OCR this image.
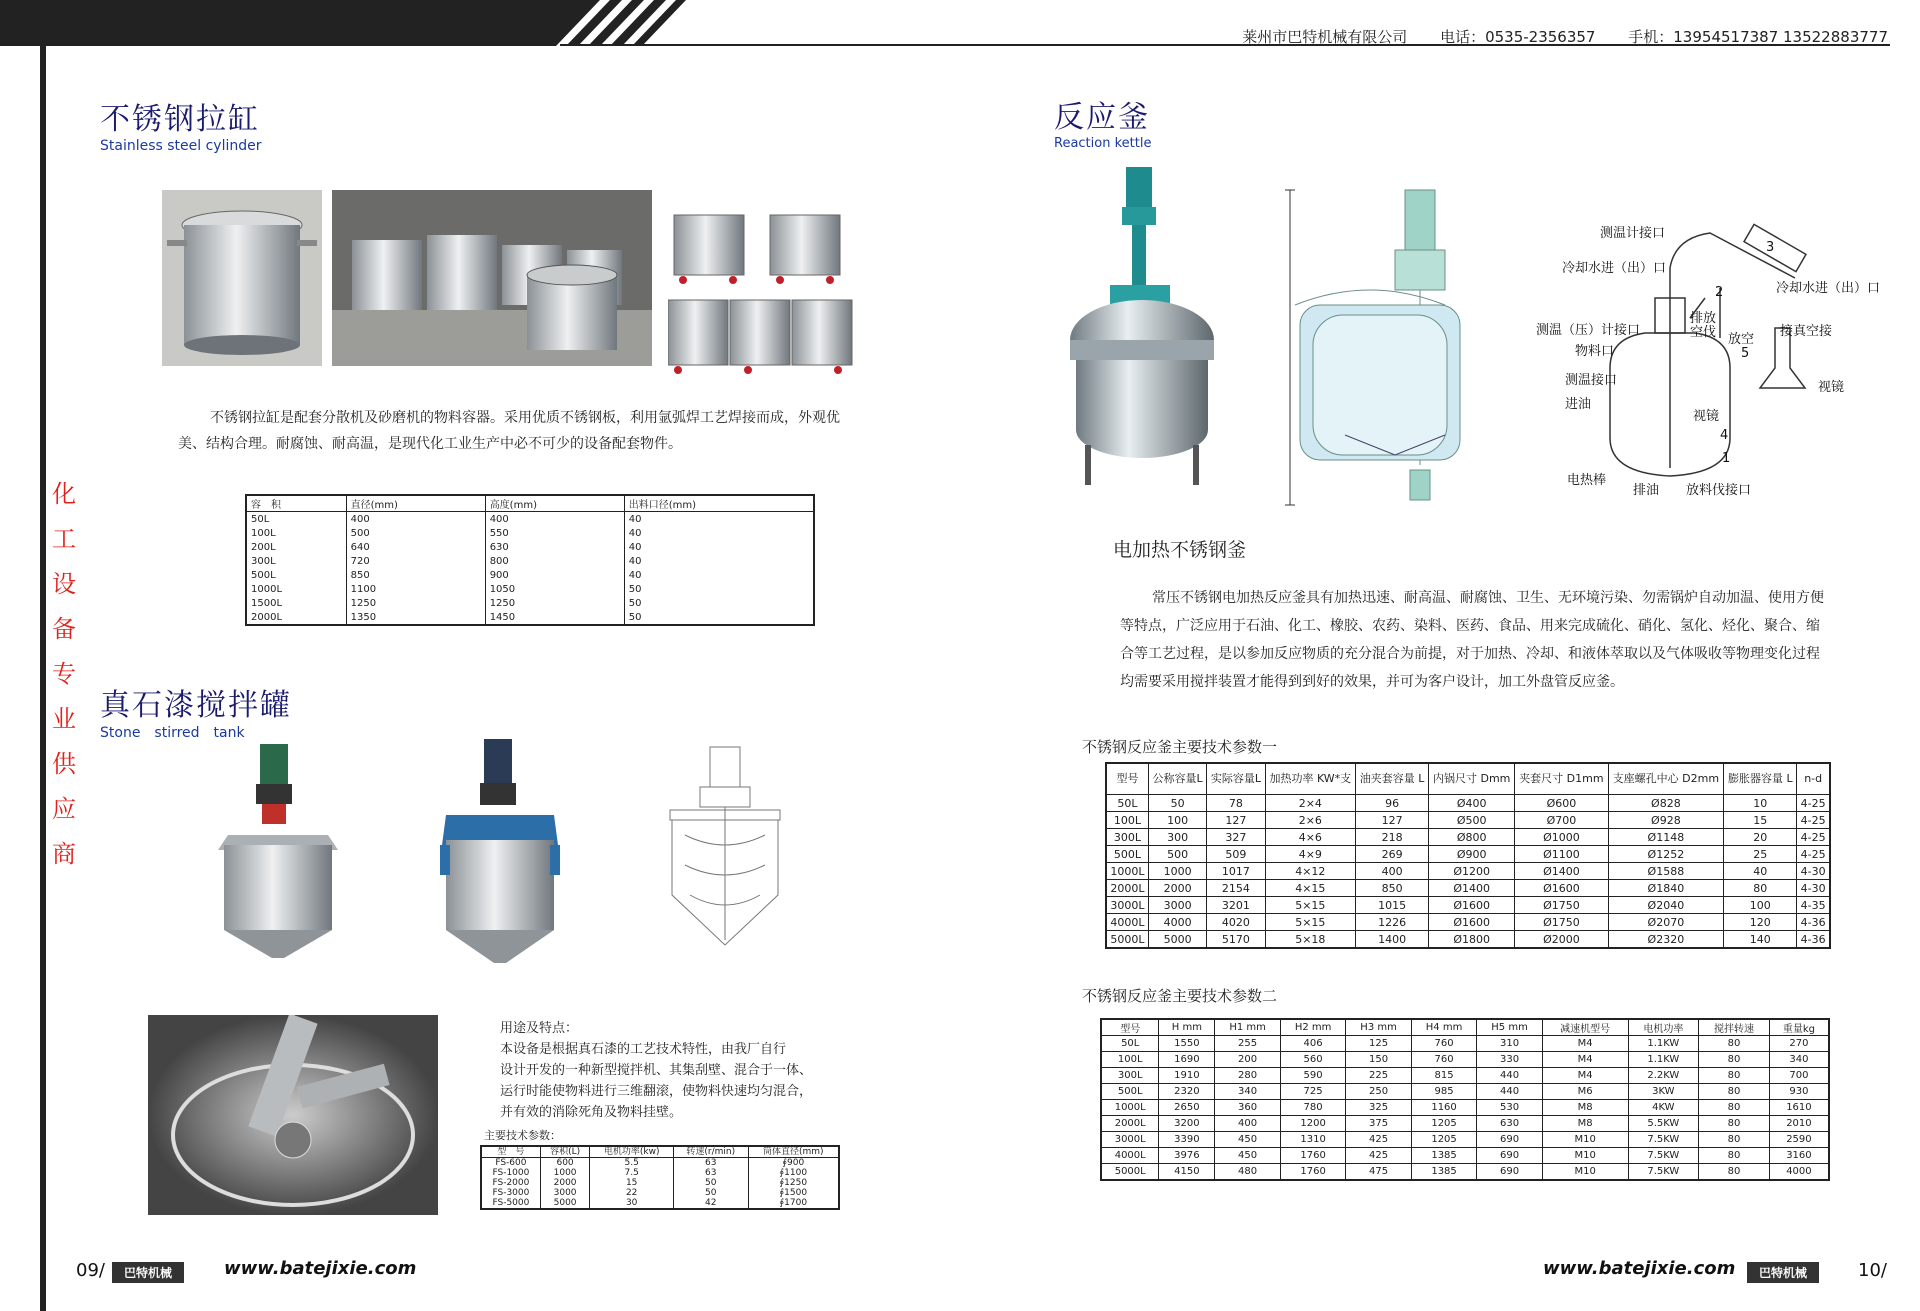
莱州市巴特机械有限公司 电话：0535-2356357 手机：13954517387 13522883777
化工设备专业供应商
不锈钢拉缸
Stainless steel cylinder
不锈钢拉缸是配套分散机及砂磨机的物料容器。采用优质不锈钢板，利用氩弧焊工艺焊接而成，外观优美、结构合理。耐腐蚀、耐高温，是现代化工业生产中必不可少的设备配套物件。
容　积	直径(mm)	高度(mm)	出料口径(mm)
50L	400	400	40
100L	500	550	40
200L	640	630	40
300L	720	800	40
500L	850	900	40
1000L	1100	1050	50
1500L	1250	1250	50
2000L	1350	1450	50
真石漆搅拌罐
Stone　stirred　tank
用途及特点：
本设备是根据真石漆的工艺技术特性，由我厂自行
设计开发的一种新型搅拌机、其集刮壁、混合于一体、
运行时能使物料进行三维翻滚，使物料快速均匀混合，
并有效的消除死角及物料挂壁。
主要技术参数：
型　号	容积(L)	电机功率(kw)	转速(r/min)	筒体直径(mm)
FS-600	600	5.5	63	∮900
FS-1000	1000	7.5	63	∮1100
FS-2000	2000	15	50	∮1250
FS-3000	3000	22	50	∮1500
FS-5000	5000	30	42	∮1700
反应釜
Reaction kettle
测温计接口
冷却水进（出）口
冷却水进（出）口
测温（压）计接口
物料口
测温接口
进油
电热棒
排油 放料伐接口
排放空伐 放空
接真空接
视镜
视镜
1
2
3
4
5
电加热不锈钢釜
常压不锈钢电加热反应釜具有加热迅速、耐高温、耐腐蚀、卫生、无环境污染、勿需锅炉自动加温、使用方便等特点，广泛应用于石油、化工、橡胶、农药、染料、医药、食品、用来完成硫化、硝化、氢化、烃化、聚合、缩合等工艺过程，是以参加反应物质的充分混合为前提，对于加热、冷却、和液体萃取以及气体吸收等物理变化过程均需要采用搅拌装置才能得到到好的效果，并可为客户设计，加工外盘管反应釜。
不锈钢反应釜主要技术参数一
型号	公称容量L	实际容量L	加热功率 KW*支	油夹套容量 L	内锅尺寸 Dmm	夹套尺寸 D1mm	支座螺孔中心 D2mm	膨胀器容量 L	n-d
50L	50	78	2×4	96	Ø400	Ø600	Ø828	10	4-25
100L	100	127	2×6	127	Ø500	Ø700	Ø928	15	4-25
300L	300	327	4×6	218	Ø800	Ø1000	Ø1148	20	4-25
500L	500	509	4×9	269	Ø900	Ø1100	Ø1252	25	4-25
1000L	1000	1017	4×12	400	Ø1200	Ø1400	Ø1588	40	4-30
2000L	2000	2154	4×15	850	Ø1400	Ø1600	Ø1840	80	4-30
3000L	3000	3201	5×15	1015	Ø1600	Ø1750	Ø2040	100	4-35
4000L	4000	4020	5×15	1226	Ø1600	Ø1750	Ø2070	120	4-36
5000L	5000	5170	5×18	1400	Ø1800	Ø2000	Ø2320	140	4-36
不锈钢反应釜主要技术参数二
型号	H mm	H1 mm	H2 mm	H3 mm	H4 mm	H5 mm	减速机型号	电机功率	搅拌转速	重量kg
50L	1550	255	406	125	760	310	M4	1.1KW	80	270
100L	1690	200	560	150	760	330	M4	1.1KW	80	340
300L	1910	280	590	225	815	440	M4	2.2KW	80	700
500L	2320	340	725	250	985	440	M6	3KW	80	930
1000L	2650	360	780	325	1160	530	M8	4KW	80	1610
2000L	3200	400	1200	375	1205	630	M8	5.5KW	80	2010
3000L	3390	450	1310	425	1205	690	M10	7.5KW	80	2590
4000L	3976	450	1760	425	1385	690	M10	7.5KW	80	3160
5000L	4150	480	1760	475	1385	690	M10	7.5KW	80	4000
09/	巴特机械	www.batejixie.com	www.batejixie.com	巴特机械	10/
